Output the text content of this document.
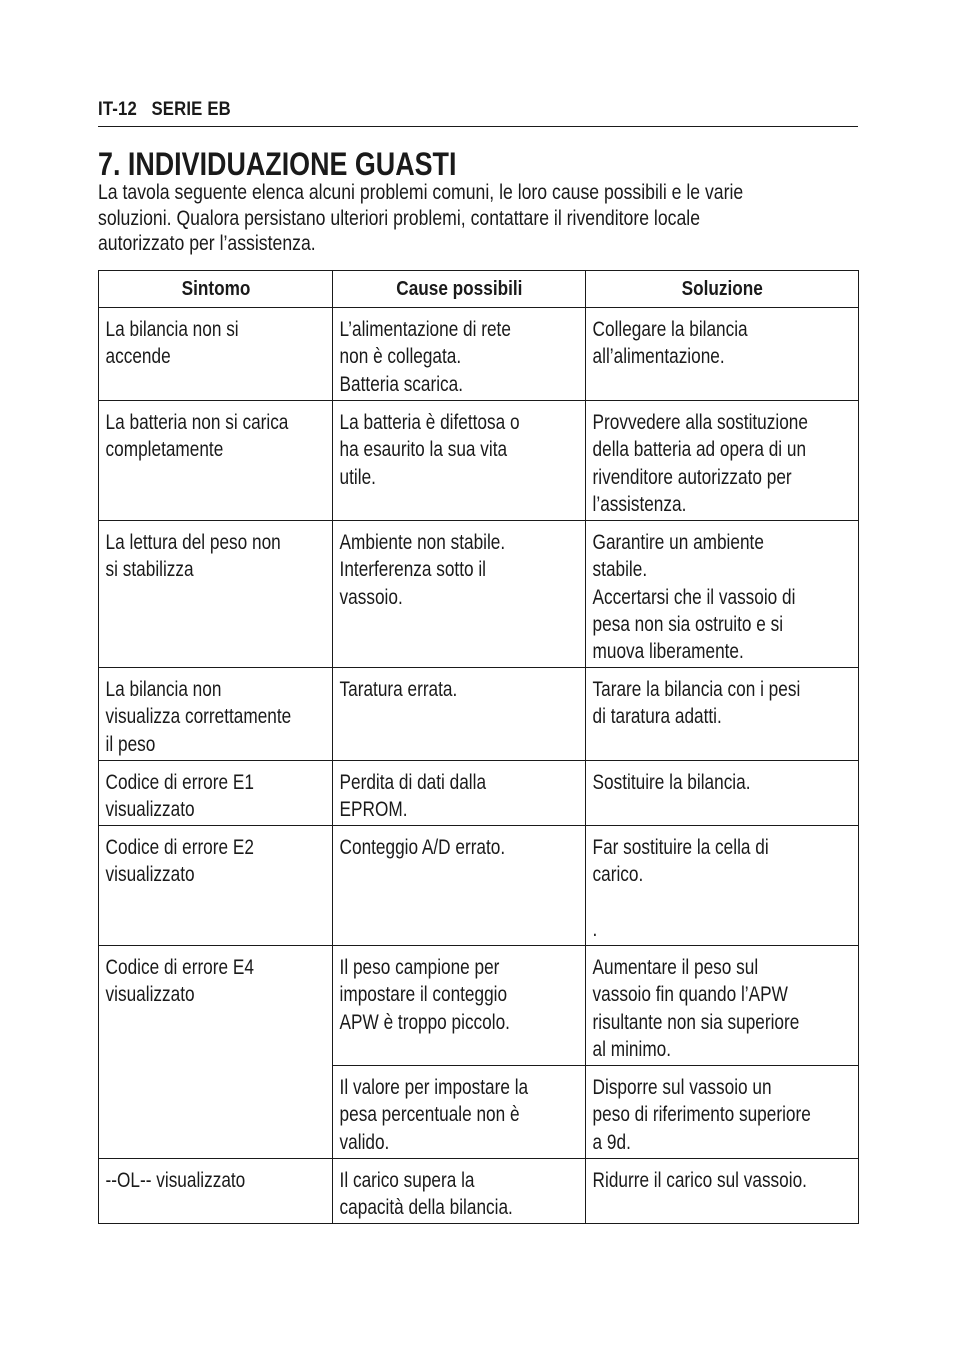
IT-12   SERIE EB
7. INDIVIDUAZIONE GUASTI

La tavola seguente elenca alcuni problemi comuni, le loro cause possibili e le varie
soluzioni. Qualora persistano ulteriori problemi, contattare il rivenditore locale
autorizzato per l’assistenza.

Sintomo	Cause possibili	Soluzione

La bilancia non si
accende	L’alimentazione di rete
non è collegata.
Batteria scarica.	Collegare la bilancia
all’alimentazione.

La batteria non si carica
completamente	La batteria è difettosa o
ha esaurito la sua vita
utile.	Provvedere alla sostituzione
della batteria ad opera di un
rivenditore autorizzato per
l’assistenza.

La lettura del peso non
si stabilizza	Ambiente non stabile.
Interferenza sotto il
vassoio.	Garantire un ambiente
stabile.
Accertarsi che il vassoio di
pesa non sia ostruito e si
muova liberamente.

La bilancia non
visualizza correttamente
il peso	Taratura errata.	Tarare la bilancia con i pesi
di taratura adatti.

Codice di errore E1
visualizzato	Perdita di dati dalla
EPROM.	Sostituire la bilancia.

Codice di errore E2
visualizzato	Conteggio A/D errato.	Far sostituire la cella di
carico.

.

Codice di errore E4
visualizzato	Il peso campione per
impostare il conteggio
APW è troppo piccolo.	Aumentare il peso sul
vassoio fin quando l’APW
risultante non sia superiore
al minimo.

	Il valore per impostare la
pesa percentuale non è
valido.	Disporre sul vassoio un
peso di riferimento superiore
a 9d.

--OL-- visualizzato	Il carico supera la
capacità della bilancia.	Ridurre il carico sul vassoio.
